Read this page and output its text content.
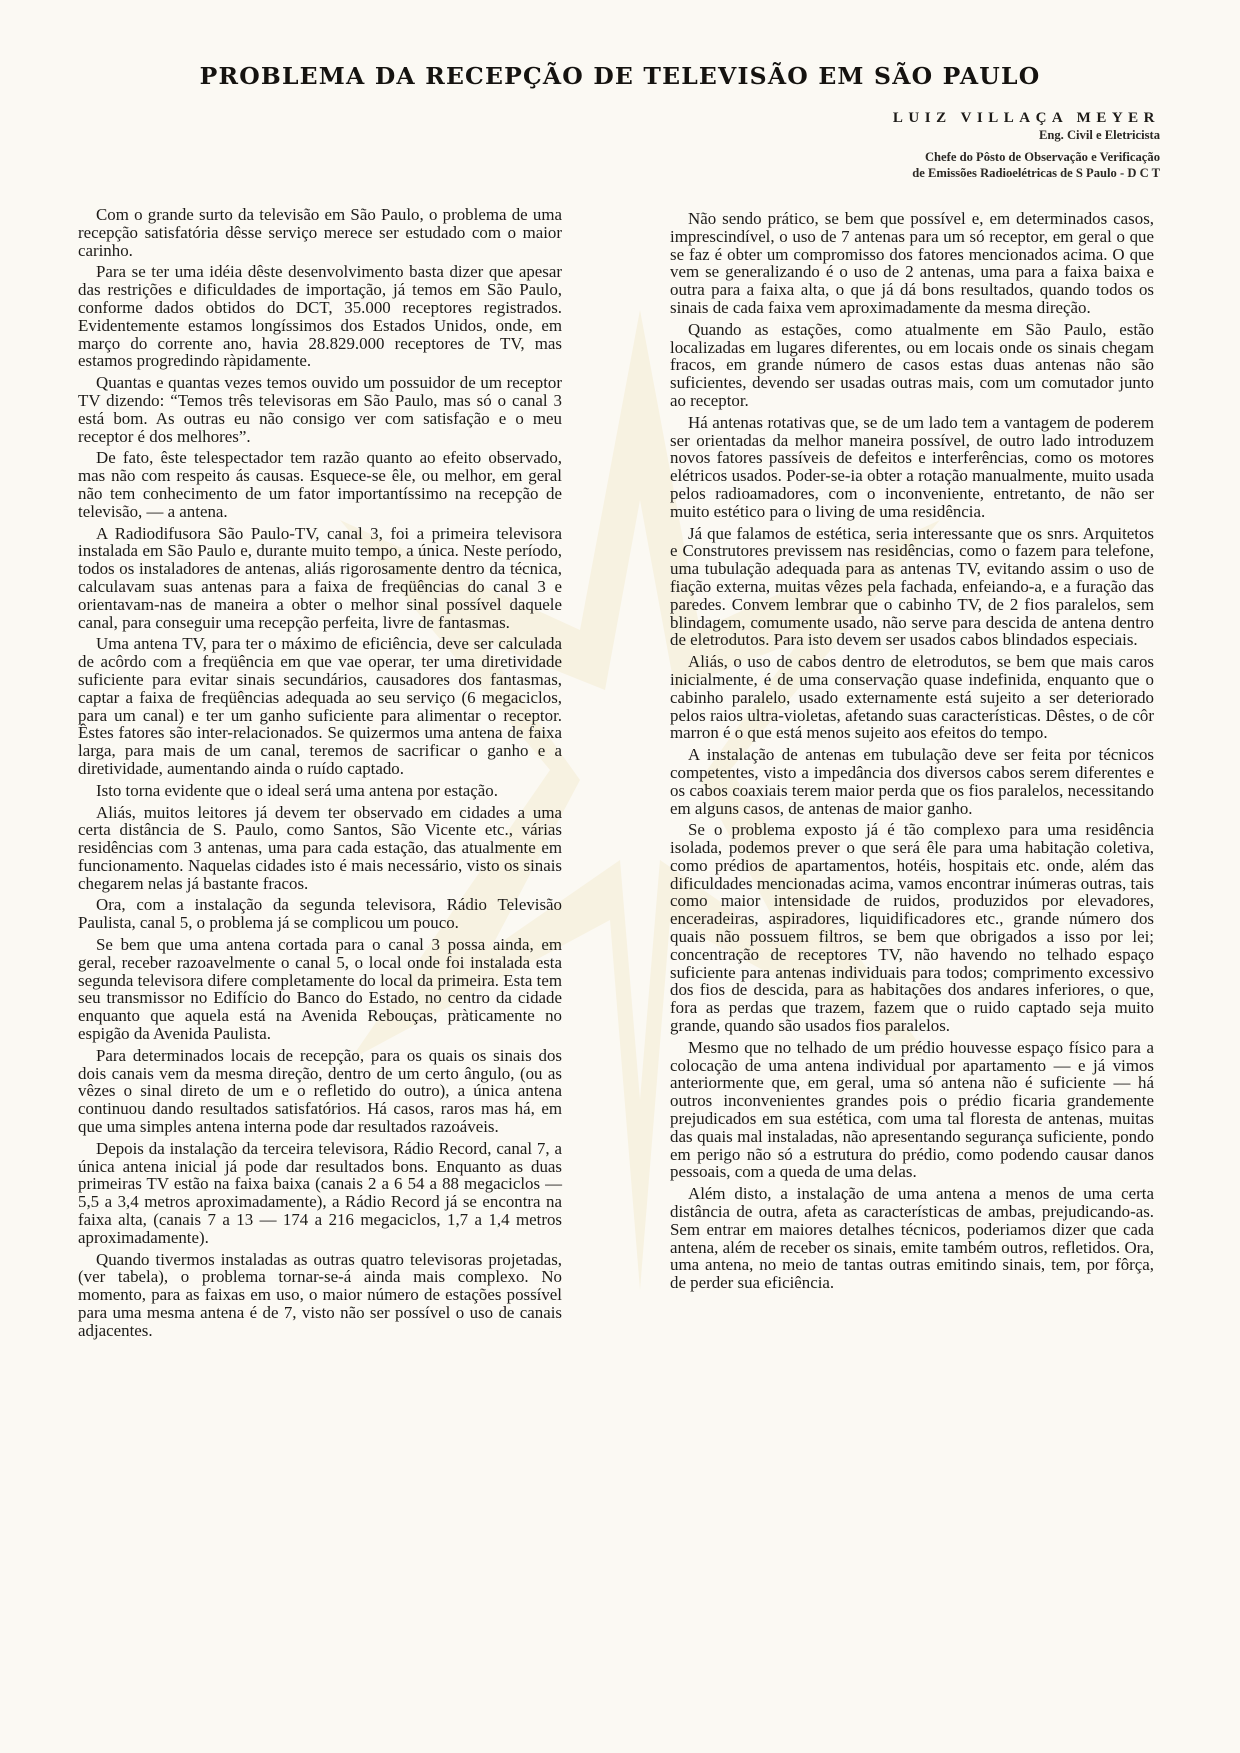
PROBLEMA DA RECEPÇÃO DE TELEVISÃO EM SÃO PAULO
LUIZ VILLAÇA MEYER
Eng. Civil e Eletricista
Chefe do Pôsto de Observação e Verificação
de Emissões Radioelétricas de S Paulo - D C T

Com o grande surto da televisão em São Paulo, o problema de uma recepção satisfatória dêsse serviço merece ser estudado com o maior carinho.

Para se ter uma idéia dêste desenvolvimento basta dizer que apesar das restrições e dificuldades de importação, já temos em São Paulo, conforme dados obtidos do DCT, 35.000 receptores registrados. Evidentemente estamos longíssimos dos Estados Unidos, onde, em março do corrente ano, havia 28.829.000 receptores de TV, mas estamos progredindo ràpidamente.

Quantas e quantas vezes temos ouvido um possuidor de um receptor TV dizendo: “Temos três televisoras em São Paulo, mas só o canal 3 está bom. As outras eu não consigo ver com satisfação e o meu receptor é dos melhores”.

De fato, êste telespectador tem razão quanto ao efeito observado, mas não com respeito ás causas. Esquece-se êle, ou melhor, em geral não tem conhecimento de um fator importantíssimo na recepção de televisão, — a antena.

A Radiodifusora São Paulo-TV, canal 3, foi a primeira televisora instalada em São Paulo e, durante muito tempo, a única. Neste período, todos os instaladores de antenas, aliás rigorosamente dentro da técnica, calculavam suas antenas para a faixa de freqüências do canal 3 e orientavam-nas de maneira a obter o melhor sinal possível daquele canal, para conseguir uma recepção perfeita, livre de fantasmas.

Uma antena TV, para ter o máximo de eficiência, deve ser calculada de acôrdo com a freqüência em que vae operar, ter uma diretividade suficiente para evitar sinais secundários, causadores dos fantasmas, captar a faixa de freqüências adequada ao seu serviço (6 megaciclos, para um canal) e ter um ganho suficiente para alimentar o receptor. Êstes fatores são inter-relacionados. Se quizermos uma antena de faixa larga, para mais de um canal, teremos de sacrificar o ganho e a diretividade, aumentando ainda o ruído captado.

Isto torna evidente que o ideal será uma antena por estação.

Aliás, muitos leitores já devem ter observado em cidades a uma certa distância de S. Paulo, como Santos, São Vicente etc., várias residências com 3 antenas, uma para cada estação, das atualmente em funcionamento. Naquelas cidades isto é mais necessário, visto os sinais chegarem nelas já bastante fracos.

Ora, com a instalação da segunda televisora, Rádio Televisão Paulista, canal 5, o problema já se complicou um pouco.

Se bem que uma antena cortada para o canal 3 possa ainda, em geral, receber razoavelmente o canal 5, o local onde foi instalada esta segunda televisora difere completamente do local da primeira. Esta tem seu transmissor no Edifício do Banco do Estado, no centro da cidade enquanto que aquela está na Avenida Rebouças, pràticamente no espigão da Avenida Paulista.

Para determinados locais de recepção, para os quais os sinais dos dois canais vem da mesma direção, dentro de um certo ângulo, (ou as vêzes o sinal direto de um e o refletido do outro), a única antena continuou dando resultados satisfatórios. Há casos, raros mas há, em que uma simples antena interna pode dar resultados razoáveis.

Depois da instalação da terceira televisora, Rádio Record, canal 7, a única antena inicial já pode dar resultados bons. Enquanto as duas primeiras TV estão na faixa baixa (canais 2 a 6 54 a 88 megaciclos — 5,5 a 3,4 metros aproximadamente), a Rádio Record já se encontra na faixa alta, (canais 7 a 13 — 174 a 216 megaciclos, 1,7 a 1,4 metros aproximadamente).

Quando tivermos instaladas as outras quatro televisoras projetadas, (ver tabela), o problema tornar-se-á ainda mais complexo. No momento, para as faixas em uso, o maior número de estações possível para uma mesma antena é de 7, visto não ser possível o uso de canais adjacentes.

Não sendo prático, se bem que possível e, em determinados casos, imprescindível, o uso de 7 antenas para um só receptor, em geral o que se faz é obter um compromisso dos fatores mencionados acima. O que vem se generalizando é o uso de 2 antenas, uma para a faixa baixa e outra para a faixa alta, o que já dá bons resultados, quando todos os sinais de cada faixa vem aproximadamente da mesma direção.

Quando as estações, como atualmente em São Paulo, estão localizadas em lugares diferentes, ou em locais onde os sinais chegam fracos, em grande número de casos estas duas antenas não são suficientes, devendo ser usadas outras mais, com um comutador junto ao receptor.

Há antenas rotativas que, se de um lado tem a vantagem de poderem ser orientadas da melhor maneira possível, de outro lado introduzem novos fatores passíveis de defeitos e interferências, como os motores elétricos usados. Poder-se-ia obter a rotação manualmente, muito usada pelos radioamadores, com o inconveniente, entretanto, de não ser muito estético para o living de uma residência.

Já que falamos de estética, seria interessante que os snrs. Arquitetos e Construtores previssem nas residências, como o fazem para telefone, uma tubulação adequada para as antenas TV, evitando assim o uso de fiação externa, muitas vêzes pela fachada, enfeiando-a, e a furação das paredes. Convem lembrar que o cabinho TV, de 2 fios paralelos, sem blindagem, comumente usado, não serve para descida de antena dentro de eletrodutos. Para isto devem ser usados cabos blindados especiais.

Aliás, o uso de cabos dentro de eletrodutos, se bem que mais caros inicialmente, é de uma conservação quase indefinida, enquanto que o cabinho paralelo, usado externamente está sujeito a ser deteriorado pelos raios ultra-violetas, afetando suas características. Dêstes, o de côr marron é o que está menos sujeito aos efeitos do tempo.

A instalação de antenas em tubulação deve ser feita por técnicos competentes, visto a impedância dos diversos cabos serem diferentes e os cabos coaxiais terem maior perda que os fios paralelos, necessitando em alguns casos, de antenas de maior ganho.

Se o problema exposto já é tão complexo para uma residência isolada, podemos prever o que será êle para uma habitação coletiva, como prédios de apartamentos, hotéis, hospitais etc. onde, além das dificuldades mencionadas acima, vamos encontrar inúmeras outras, tais como maior intensidade de ruidos, produzidos por elevadores, enceradeiras, aspiradores, liquidificadores etc., grande número dos quais não possuem filtros, se bem que obrigados a isso por lei; concentração de receptores TV, não havendo no telhado espaço suficiente para antenas individuais para todos; comprimento excessivo dos fios de descida, para as habitações dos andares inferiores, o que, fora as perdas que trazem, fazem que o ruido captado seja muito grande, quando são usados fios paralelos.

Mesmo que no telhado de um prédio houvesse espaço físico para a colocação de uma antena individual por apartamento — e já vimos anteriormente que, em geral, uma só antena não é suficiente — há outros inconvenientes grandes pois o prédio ficaria grandemente prejudicados em sua estética, com uma tal floresta de antenas, muitas das quais mal instaladas, não apresentando segurança suficiente, pondo em perigo não só a estrutura do prédio, como podendo causar danos pessoais, com a queda de uma delas.

Além disto, a instalação de uma antena a menos de uma certa distância de outra, afeta as características de ambas, prejudicando-as. Sem entrar em maiores detalhes técnicos, poderiamos dizer que cada antena, além de receber os sinais, emite também outros, refletidos. Ora, uma antena, no meio de tantas outras emitindo sinais, tem, por fôrça, de perder sua eficiência.
